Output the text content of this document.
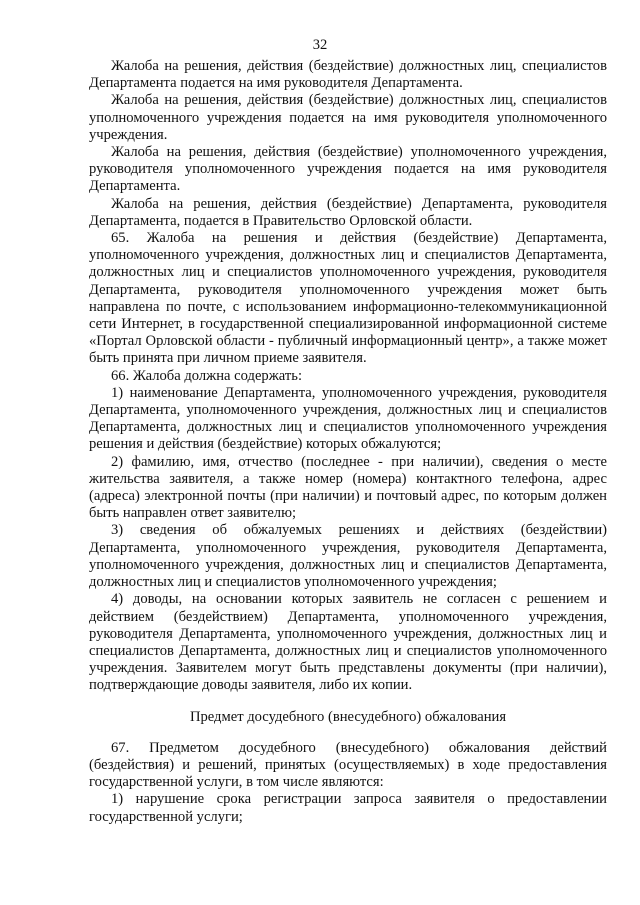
32

Жалоба на решения, действия (бездействие) должностных лиц, специалистов Департамента подается на имя руководителя Департамента.

Жалоба на решения, действия (бездействие) должностных лиц, специалистов уполномоченного учреждения подается на имя руководителя уполномоченного учреждения.

Жалоба на решения, действия (бездействие) уполномоченного учреждения, руководителя уполномоченного учреждения подается на имя руководителя Департамента.

Жалоба на решения, действия (бездействие) Департамента, руководителя Департамента, подается в Правительство Орловской области.

65. Жалоба на решения и действия (бездействие) Департамента, уполномоченного учреждения, должностных лиц и специалистов Департамента, должностных лиц и специалистов уполномоченного учреждения, руководителя Департамента, руководителя уполномоченного учреждения может быть направлена по почте, с использованием информационно-телекоммуникационной сети Интернет, в государственной специализированной информационной системе «Портал Орловской области - публичный информационный центр», а также может быть принята при личном приеме заявителя.

66. Жалоба должна содержать:

1) наименование Департамента, уполномоченного учреждения, руководителя Департамента, уполномоченного учреждения, должностных лиц и специалистов Департамента, должностных лиц и специалистов уполномоченного учреждения решения и действия (бездействие) которых обжалуются;

2) фамилию, имя, отчество (последнее - при наличии), сведения о месте жительства заявителя, а также номер (номера) контактного телефона, адрес (адреса) электронной почты (при наличии) и почтовый адрес, по которым должен быть направлен ответ заявителю;

3) сведения об обжалуемых решениях и действиях (бездействии) Департамента, уполномоченного учреждения, руководителя Департамента, уполномоченного учреждения, должностных лиц и специалистов Департамента, должностных лиц и специалистов уполномоченного учреждения;

4) доводы, на основании которых заявитель не согласен с решением и действием (бездействием) Департамента, уполномоченного учреждения, руководителя Департамента, уполномоченного учреждения, должностных лиц и специалистов Департамента, должностных лиц и специалистов уполномоченного учреждения. Заявителем могут быть представлены документы (при наличии), подтверждающие доводы заявителя, либо их копии.

Предмет досудебного (внесудебного) обжалования

67. Предметом досудебного (внесудебного) обжалования действий (бездействия) и решений, принятых (осуществляемых) в ходе предоставления государственной услуги, в том числе являются:

1) нарушение срока регистрации запроса заявителя о предоставлении государственной услуги;
